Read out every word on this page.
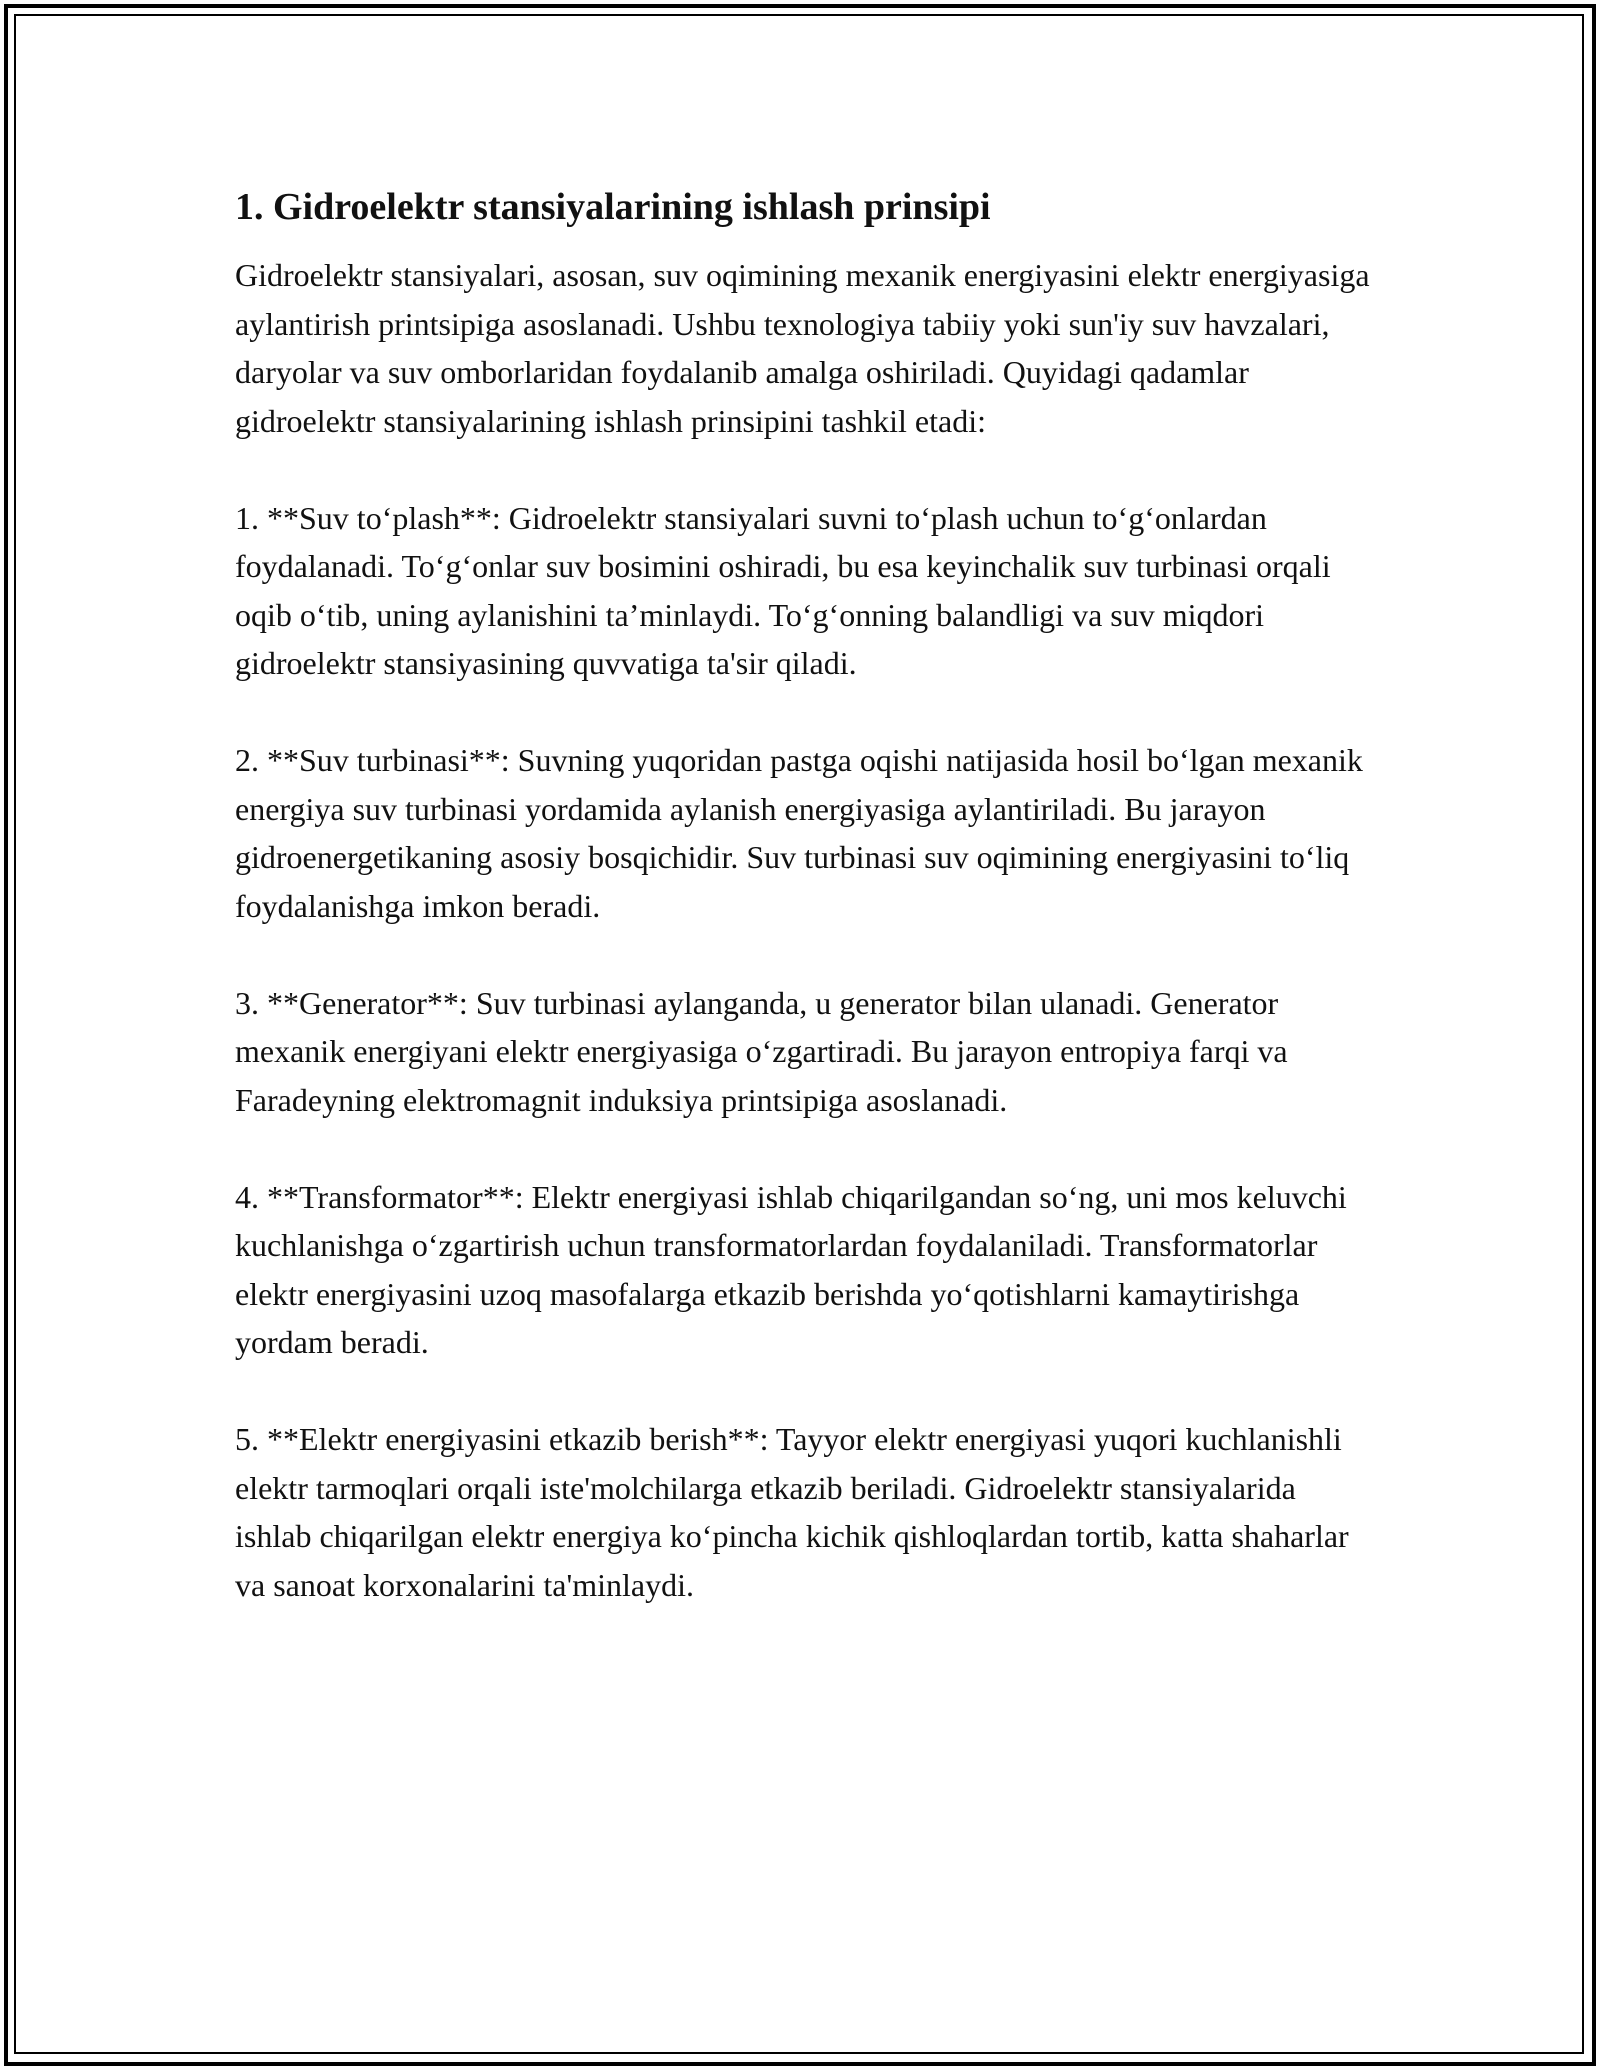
1. Gidroelektr stansiyalarining ishlash prinsipi

Gidroelektr stansiyalari, asosan, suv oqimining mexanik energiyasini elektr energiyasiga aylantirish printsipiga asoslanadi. Ushbu texnologiya tabiiy yoki sun'iy suv havzalari, daryolar va suv omborlaridan foydalanib amalga oshiriladi. Quyidagi qadamlar gidroelektr stansiyalarining ishlash prinsipini tashkil etadi:

1. **Suv to‘plash**: Gidroelektr stansiyalari suvni to‘plash uchun to‘g‘onlardan foydalanadi. To‘g‘onlar suv bosimini oshiradi, bu esa keyinchalik suv turbinasi orqali oqib o‘tib, uning aylanishini ta’minlaydi. To‘g‘onning balandligi va suv miqdori gidroelektr stansiyasining quvvatiga ta'sir qiladi.

2. **Suv turbinasi**: Suvning yuqoridan pastga oqishi natijasida hosil bo‘lgan mexanik energiya suv turbinasi yordamida aylanish energiyasiga aylantiriladi. Bu jarayon gidroenergetikaning asosiy bosqichidir. Suv turbinasi suv oqimining energiyasini to‘liq foydalanishga imkon beradi.

3. **Generator**: Suv turbinasi aylanganda, u generator bilan ulanadi. Generator mexanik energiyani elektr energiyasiga o‘zgartiradi. Bu jarayon entropiya farqi va Faradeyning elektromagnit induksiya printsipiga asoslanadi.

4. **Transformator**: Elektr energiyasi ishlab chiqarilgandan so‘ng, uni mos keluvchi kuchlanishga o‘zgartirish uchun transformatorlardan foydalaniladi. Transformatorlar elektr energiyasini uzoq masofalarga etkazib berishda yo‘qotishlarni kamaytirishga yordam beradi.

5. **Elektr energiyasini etkazib berish**: Tayyor elektr energiyasi yuqori kuchlanishli elektr tarmoqlari orqali iste'molchilarga etkazib beriladi. Gidroelektr stansiyalarida ishlab chiqarilgan elektr energiya ko‘pincha kichik qishloqlardan tortib, katta shaharlar va sanoat korxonalarini ta'minlaydi.
